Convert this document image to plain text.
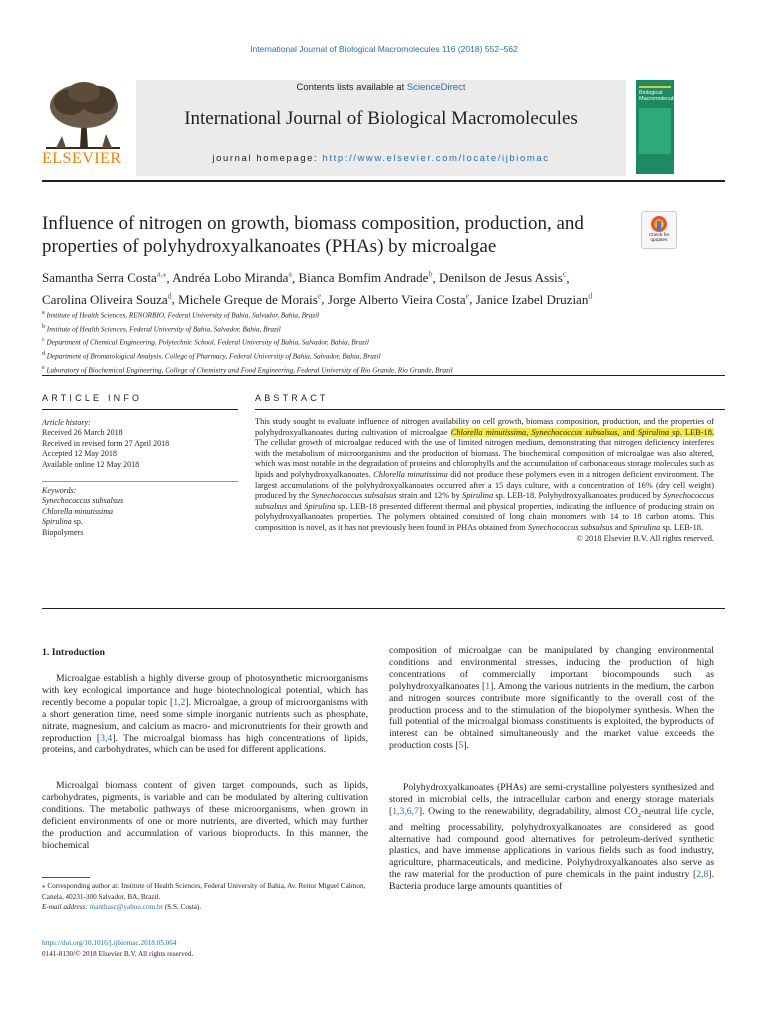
International Journal of Biological Macromolecules 116 (2018) 552–562
ELSEVIER
Contents lists available at ScienceDirect
International Journal of Biological Macromolecules
journal homepage: http://www.elsevier.com/locate/ijbiomac
Biological
Macromolecules
Check for updates
Influence of nitrogen on growth, biomass composition, production, and properties of polyhydroxyalkanoates (PHAs) by microalgae
Samantha Serra Costa$^{a,⁎}$, Andréa Lobo Miranda$^a$, Bianca Bomfim Andrade$^b$, Denilson de Jesus Assis$^c$,
Carolina Oliveira Souza$^d$, Michele Greque de Morais$^e$, Jorge Alberto Vieira Costa$^e$, Janice Izabel Druzian$^d$
$^a$ Institute of Health Sciences, RENORBIO, Federal University of Bahia, Salvador, Bahia, Brazil
$^b$ Institute of Health Sciences, Federal University of Bahia, Salvador, Bahia, Brazil
$^c$ Department of Chemical Engineering, Polytechnic School, Federal University of Bahia, Salvador, Bahia, Brazil
$^d$ Department of Bromatological Analysis, College of Pharmacy, Federal University of Bahia, Salvador, Bahia, Brazil
$^e$ Laboratory of Biochemical Engineering, College of Chemistry and Food Engineering, Federal University of Rio Grande, Rio Grande, Brazil
ARTICLE INFO
Article history:
Received 26 March 2018
Received in revised form 27 April 2018
Accepted 12 May 2018
Available online 12 May 2018
Keywords:
Synechococcus subsalsus
Chlorella minutissima
Spirulina sp.
Biopolymers
ABSTRACT
This study sought to evaluate influence of nitrogen availability on cell growth, biomass composition, production, and the properties of polyhydroxyalkanoates during cultivation of microalgae Chlorella minutissima, Synechococcus subsalsus, and Spirulina sp. LEB-18. The cellular growth of microalgae reduced with the use of limited nitrogen medium, demonstrating that nitrogen deficiency interferes with the metabolism of microorganisms and the production of biomass. The biochemical composition of microalgae was also altered, which was most notable in the degradation of proteins and chlorophylls and the accumulation of carbonaceous storage molecules such as lipids and polyhydroxyalkanoates. Chlorella minutissima did not produce these polymers even in a nitrogen deficient environment. The largest accumulations of the polyhydroxyalkanoates occurred after a 15 days culture, with a concentration of 16% (dry cell weight) produced by the Synechococcus subsalsus strain and 12% by Spirulina sp. LEB-18. Polyhydroxyalkanoates produced by Synechococcus subsalsus and Spirulina sp. LEB-18 presented different thermal and physical properties, indicating the influence of producing strain on polyhydroxyalkanoates properties. The polymers obtained consisted of long chain monomers with 14 to 18 carbon atoms. This composition is novel, as it has not previously been found in PHAs obtained from Synechococcus subsalsus and Spirulina sp. LEB-18.
© 2018 Elsevier B.V. All rights reserved.
1. Introduction
Microalgae establish a highly diverse group of photosynthetic microorganisms with key ecological importance and huge biotechnological potential, which has recently become a popular topic [1,2]. Microalgae, a group of microorganisms with a short generation time, need some simple inorganic nutrients such as phosphate, nitrate, magnesium, and calcium as macro- and micronutrients for their growth and reproduction [3,4]. The microalgal biomass has high concentrations of lipids, proteins, and carbohydrates, which can be used for different applications.
Microalgal biomass content of given target compounds, such as lipids, carbohydrates, pigments, is variable and can be modulated by altering cultivation conditions. The metabolic pathways of these microorganisms, when grown in deficient environments of one or more nutrients, are diverted, which may further the production and accumulation of various bioproducts. In this manner, the biochemical
composition of microalgae can be manipulated by changing environmental conditions and environmental stresses, inducing the production of high concentrations of commercially important biocompounds such as polyhydroxyalkanoates [1]. Among the various nutrients in the medium, the carbon and nitrogen sources contribute more significantly to the overall cost of the production process and to the stimulation of the biopolymer synthesis. When the full potential of the microalgal biomass constituents is exploited, the byproducts of interest can be obtained simultaneously and the market value exceeds the production costs [5].
Polyhydroxyalkanoates (PHAs) are semi-crystalline polyesters synthesized and stored in microbial cells, the intracellular carbon and energy storage materials [1,3,6,7]. Owing to the renewability, degradability, almost $CO_2$-neutral life cycle, and melting processability, polyhydroxyalkanoates are considered as good alternative had compound good alternatives for petroleum-derived synthetic plastics, and have immense applications in various fields such as food industry, agriculture, pharmaceuticals, and medicine. Polyhydroxyalkanoates also serve as the raw material for the production of pure chemicals in the paint industry [2,8]. Bacteria produce large amounts quantities of
⁎ Corresponding author at: Institute of Health Sciences, Federal University of Bahia, Av. Reitor Miguel Calmon, Canela, 40231-300 Salvador, BA, Brazil.
E-mail address: manthasc@yahoo.com.br (S.S. Costa).
https://doi.org/10.1016/j.ijbiomac.2018.05.064
0141-8130/© 2018 Elsevier B.V. All rights reserved.
